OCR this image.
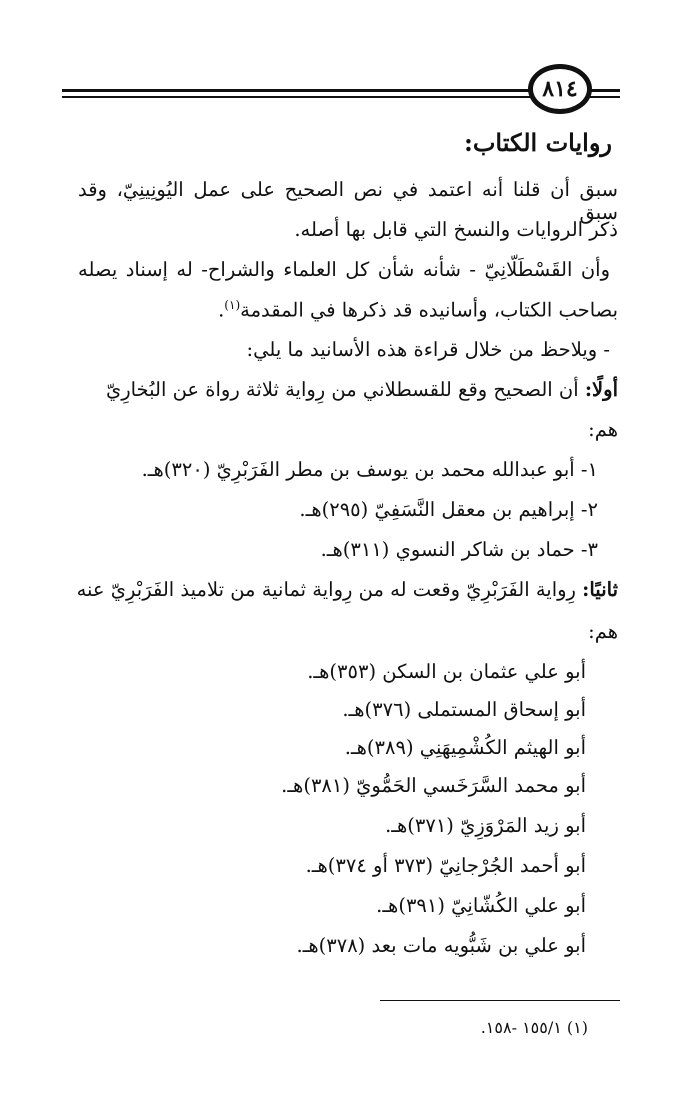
٨١٤
روايات الكتاب:
سبق أن قلنا أنه اعتمد في نص الصحيح على عمل اليُونِينِيّ، وقد سبق
ذكر الروايات والنسخ التي قابل بها أصله.
وأن القَسْطَلّانِيّ - شأنه شأن كل العلماء والشراح- له إسناد يصله
بصاحب الكتاب، وأسانيده قد ذكرها في المقدمة$^{(١)}$.
- ويلاحظ من خلال قراءة هذه الأسانيد ما يلي:
أولًا: أن الصحيح وقع للقسطلاني من رِواية ثلاثة رواة عن البُخارِيّ
هم:
١- أبو عبدالله محمد بن يوسف بن مطر الفَرَبْرِيّ (٣٢٠)هـ.
٢- إبراهيم بن معقل النَّسَفِيّ (٢٩٥)هـ.
٣- حماد بن شاكر النسوي (٣١١)هـ.
ثانيًا: رِواية الفَرَبْرِيّ وقعت له من رِواية ثمانية من تلاميذ الفَرَبْرِيّ عنه
هم:
أبو علي عثمان بن السكن (٣٥٣)هـ.
أبو إسحاق المستملى (٣٧٦)هـ.
أبو الهيثم الكُشْمِيهَنِي (٣٨٩)هـ.
أبو محمد السَّرَخَسي الحَمُّويّ (٣٨١)هـ.
أبو زيد المَرْوَزِيّ (٣٧١)هـ.
أبو أحمد الجُرْجانِيّ (٣٧٣ أو ٣٧٤)هـ.
أبو علي الكُشّانِيّ (٣٩١)هـ.
أبو علي بن شَبُّويه مات بعد (٣٧٨)هـ.
(١) ١٥٥/١ -١٥٨.
